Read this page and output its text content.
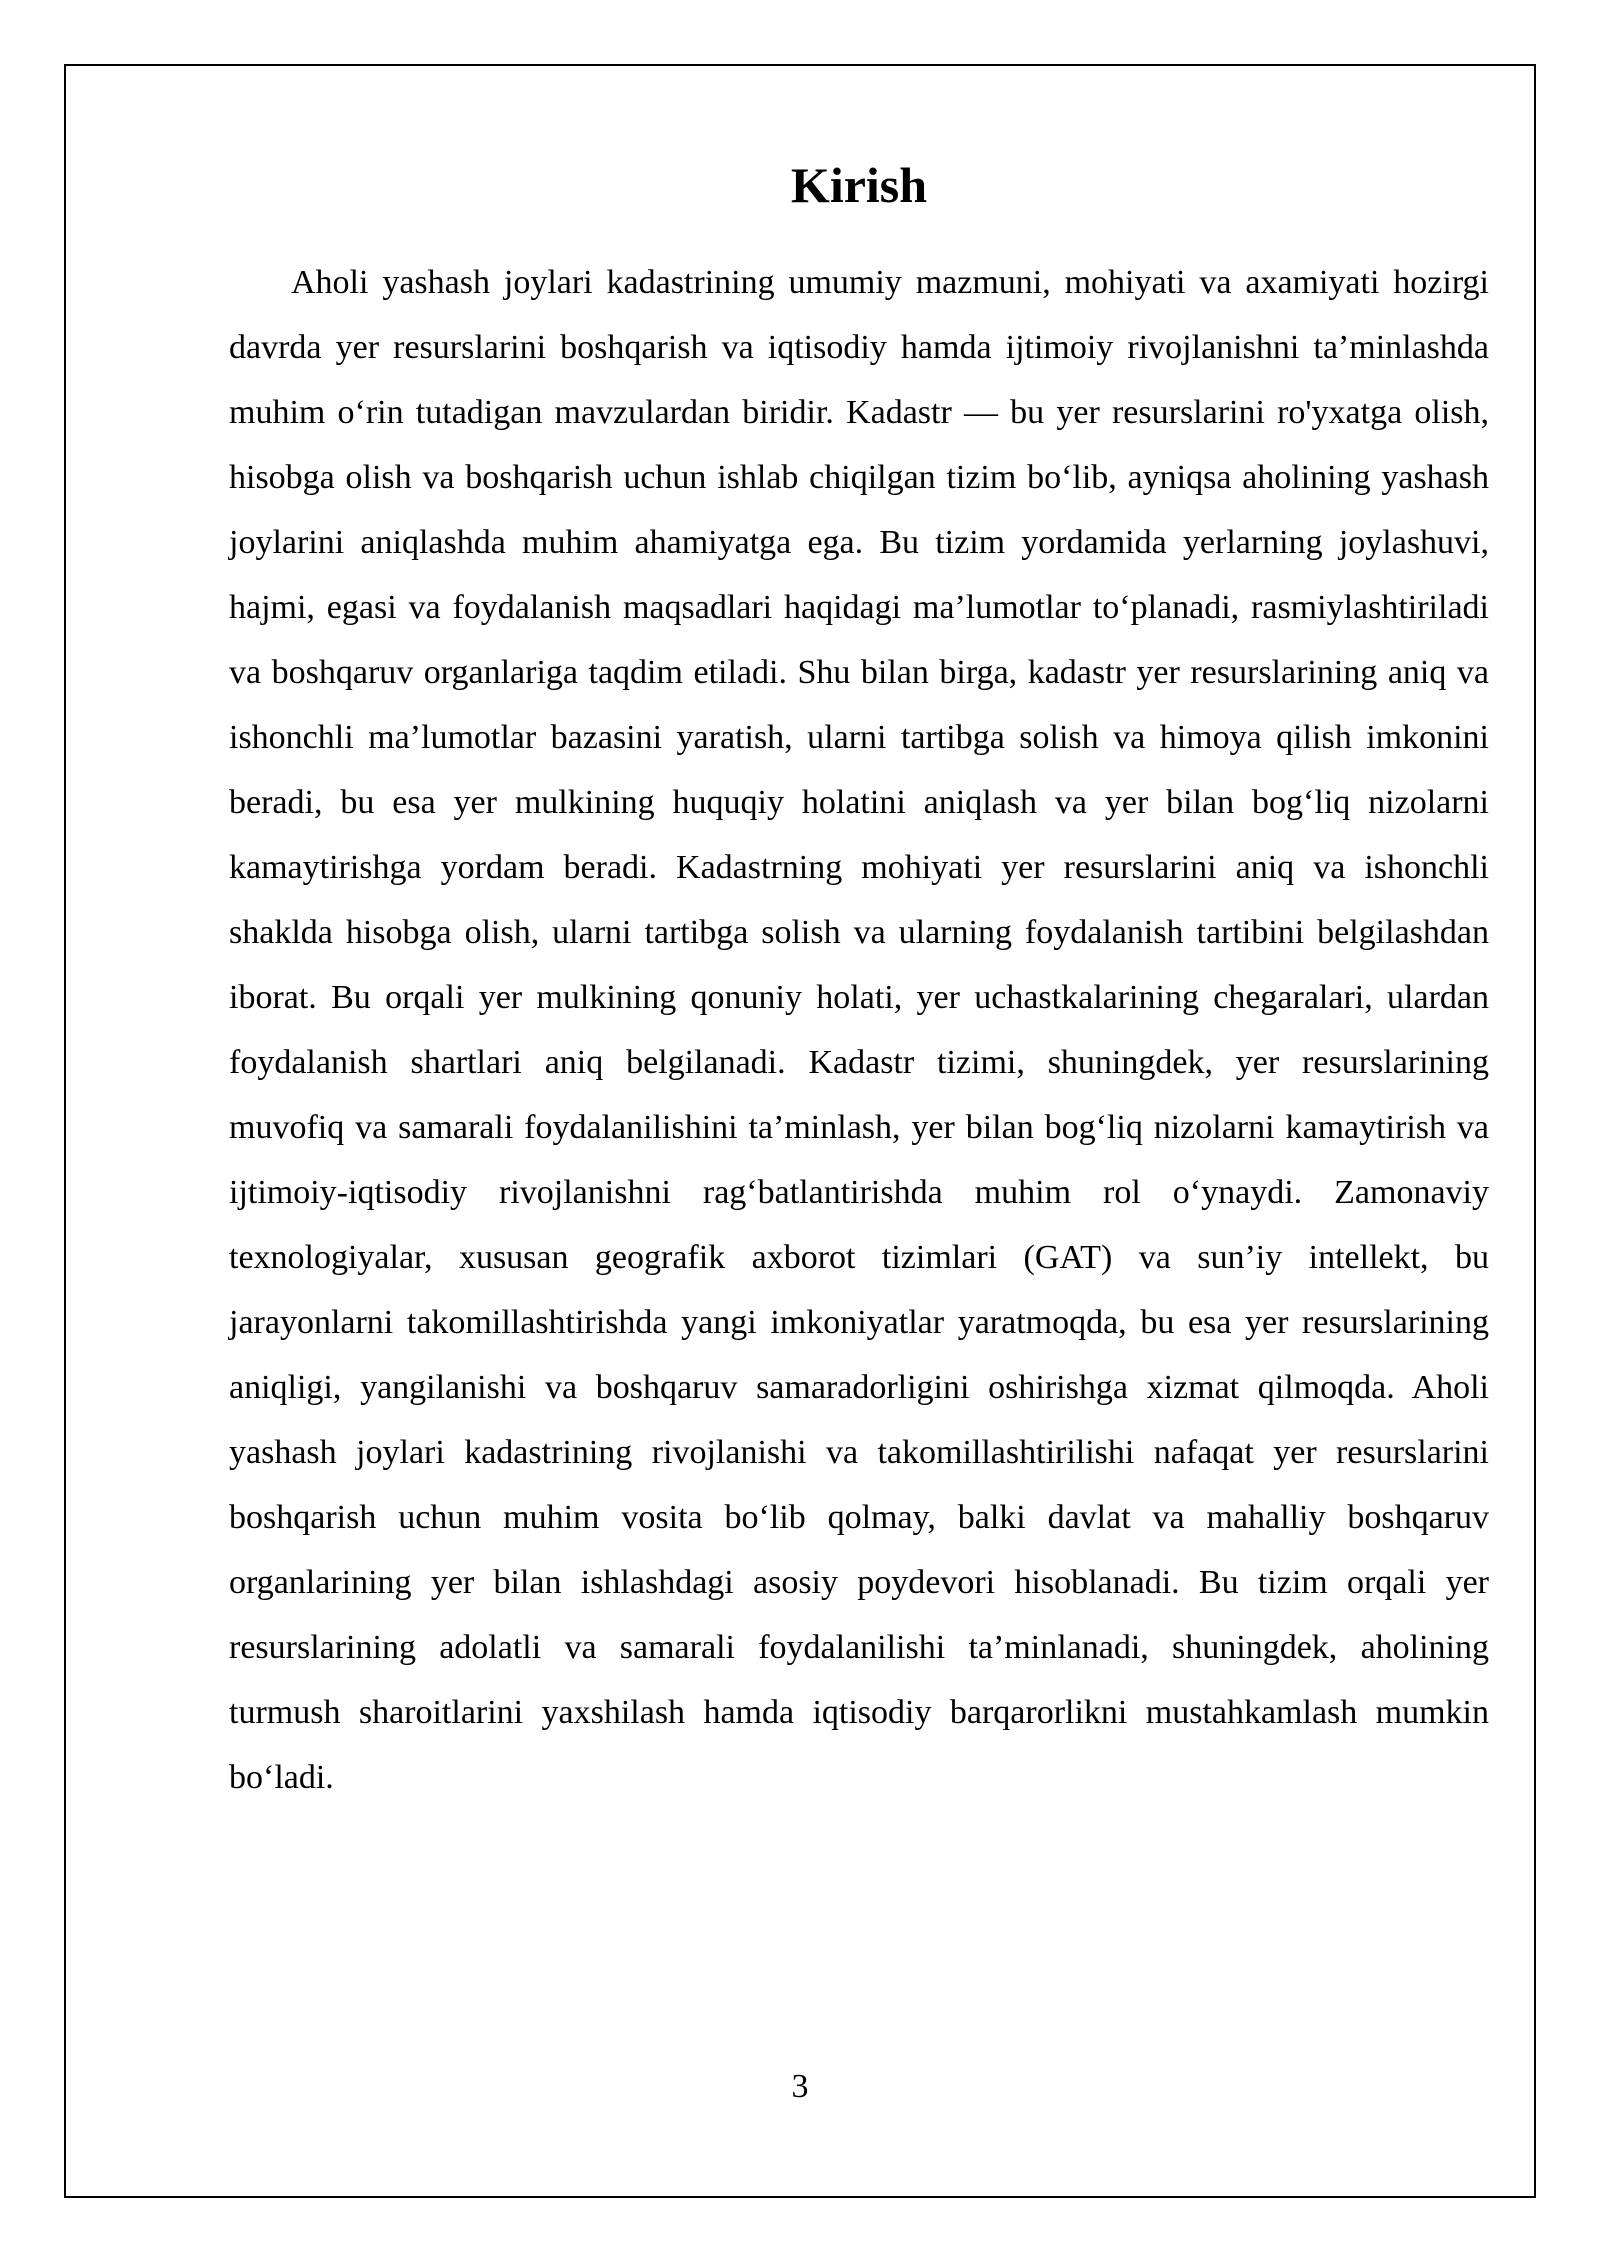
Kirish

Aholi yashash joylari kadastrining umumiy mazmuni, mohiyati va axamiyati hozirgi davrda yer resurslarini boshqarish va iqtisodiy hamda ijtimoiy rivojlanishni ta’minlashda muhim oʻrin tutadigan mavzulardan biridir. Kadastr — bu yer resurslarini ro'yxatga olish, hisobga olish va boshqarish uchun ishlab chiqilgan tizim boʻlib, ayniqsa aholining yashash joylarini aniqlashda muhim ahamiyatga ega. Bu tizim yordamida yerlarning joylashuvi, hajmi, egasi va foydalanish maqsadlari haqidagi ma’lumotlar toʻplanadi, rasmiylashtiriladi va boshqaruv organlariga taqdim etiladi. Shu bilan birga, kadastr yer resurslarining aniq va ishonchli ma’lumotlar bazasini yaratish, ularni tartibga solish va himoya qilish imkonini beradi, bu esa yer mulkining huquqiy holatini aniqlash va yer bilan bogʻliq nizolarni kamaytirishga yordam beradi. Kadastrning mohiyati yer resurslarini aniq va ishonchli shaklda hisobga olish, ularni tartibga solish va ularning foydalanish tartibini belgilashdan iborat. Bu orqali yer mulkining qonuniy holati, yer uchastkalarining chegaralari, ulardan foydalanish shartlari aniq belgilanadi. Kadastr tizimi, shuningdek, yer resurslarining muvofiq va samarali foydalanilishini ta’minlash, yer bilan bogʻliq nizolarni kamaytirish va ijtimoiy-iqtisodiy rivojlanishni ragʻbatlantirishda muhim rol oʻynaydi. Zamonaviy texnologiyalar, xususan geografik axborot tizimlari (GAT) va sun’iy intellekt, bu jarayonlarni takomillashtirishda yangi imkoniyatlar yaratmoqda, bu esa yer resurslarining aniqligi, yangilanishi va boshqaruv samaradorligini oshirishga xizmat qilmoqda. Aholi yashash joylari kadastrining rivojlanishi va takomillashtirilishi nafaqat yer resurslarini boshqarish uchun muhim vosita boʻlib qolmay, balki davlat va mahalliy boshqaruv organlarining yer bilan ishlashdagi asosiy poydevori hisoblanadi. Bu tizim orqali yer resurslarining adolatli va samarali foydalanilishi ta’minlanadi, shuningdek, aholining turmush sharoitlarini yaxshilash hamda iqtisodiy barqarorlikni mustahkamlash mumkin boʻladi.

3
